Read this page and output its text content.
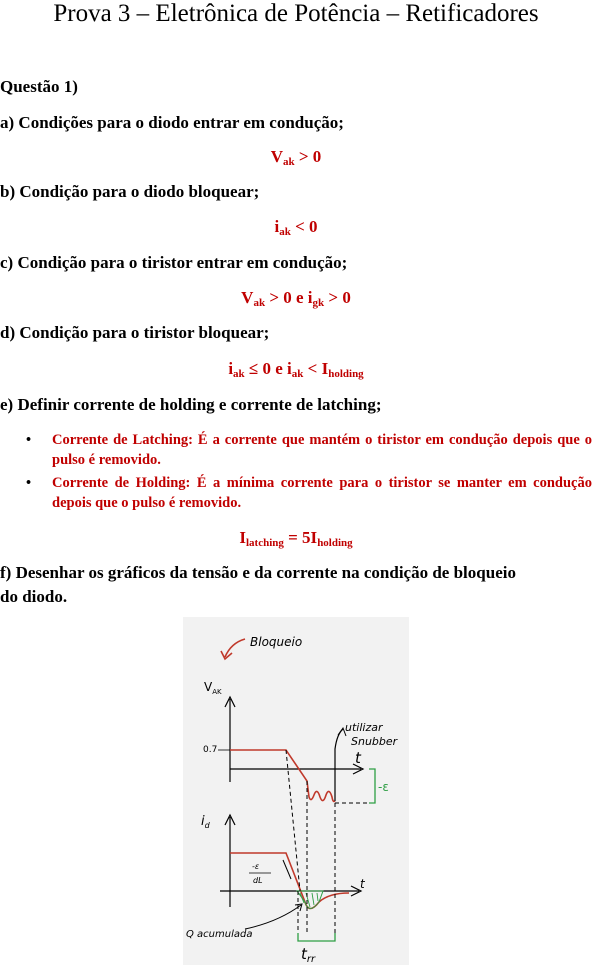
Prova 3 – Eletrônica de Potência – Retificadores
Questão 1)
a) Condições para o diodo entrar em condução;
$V_{ak} > 0$
b) Condição para o diodo bloquear;
$i_{ak} < 0$
c) Condição para o tiristor entrar em condução;
$V_{ak} > 0$ e $i_{gk} > 0$
d) Condição para o tiristor bloquear;
$i_{ak} \le 0$ e $i_{ak} < I_{holding}$
e) Definir corrente de holding e corrente de latching;
• Corrente de Latching: É a corrente que mantém o tiristor em condução depois que o pulso é removido.
• Corrente de Holding: É a mínima corrente para o tiristor se manter em condução depois que o pulso é removido.
$I_{latching} = 5I_{holding}$
f) Desenhar os gráficos da tensão e da corrente na condição de bloqueio
do diodo.
Bloqueio
$V_{AK}$
0.7
-ε
utilizar
Snubber
t
$i_d$
t
-ε
dL
Q acumulada
$t_{rr}$
